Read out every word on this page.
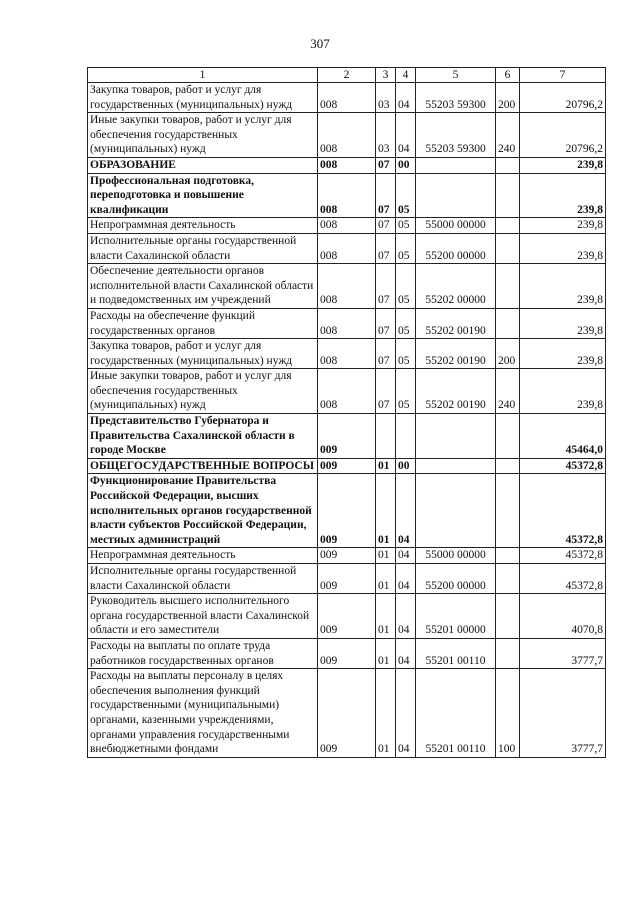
307
1	2	3	4	5	6	7
Закупка товаров, работ и услуг для государственных (муниципальных) нужд	008	03	04	55203 59300	200	20796,2
Иные закупки товаров, работ и услуг для обеспечения государственных (муниципальных) нужд	008	03	04	55203 59300	240	20796,2
ОБРАЗОВАНИЕ	008	07	00			239,8
Профессиональная подготовка, переподготовка и повышение квалификации	008	07	05			239,8
Непрограммная деятельность	008	07	05	55000 00000		239,8
Исполнительные органы государственной власти Сахалинской области	008	07	05	55200 00000		239,8
Обеспечение деятельности органов исполнительной власти Сахалинской области и подведомственных им учреждений	008	07	05	55202 00000		239,8
Расходы на обеспечение функций государственных органов	008	07	05	55202 00190		239,8
Закупка товаров, работ и услуг для государственных (муниципальных) нужд	008	07	05	55202 00190	200	239,8
Иные закупки товаров, работ и услуг для обеспечения государственных (муниципальных) нужд	008	07	05	55202 00190	240	239,8
Представительство Губернатора и Правительства Сахалинской области в городе Москве	009					45464,0
ОБЩЕГОСУДАРСТВЕННЫЕ ВОПРОСЫ	009	01	00			45372,8
Функционирование Правительства Российской Федерации, высших исполнительных органов государственной власти субъектов Российской Федерации, местных администраций	009	01	04			45372,8
Непрограммная деятельность	009	01	04	55000 00000		45372,8
Исполнительные органы государственной власти Сахалинской области	009	01	04	55200 00000		45372,8
Руководитель высшего исполнительного органа государственной власти Сахалинской области и его заместители	009	01	04	55201 00000		4070,8
Расходы на выплаты по оплате труда работников государственных органов	009	01	04	55201 00110		3777,7
Расходы на выплаты персоналу в целях обеспечения выполнения функций государственными (муниципальными) органами, казенными учреждениями, органами управления государственными внебюджетными фондами	009	01	04	55201 00110	100	3777,7
